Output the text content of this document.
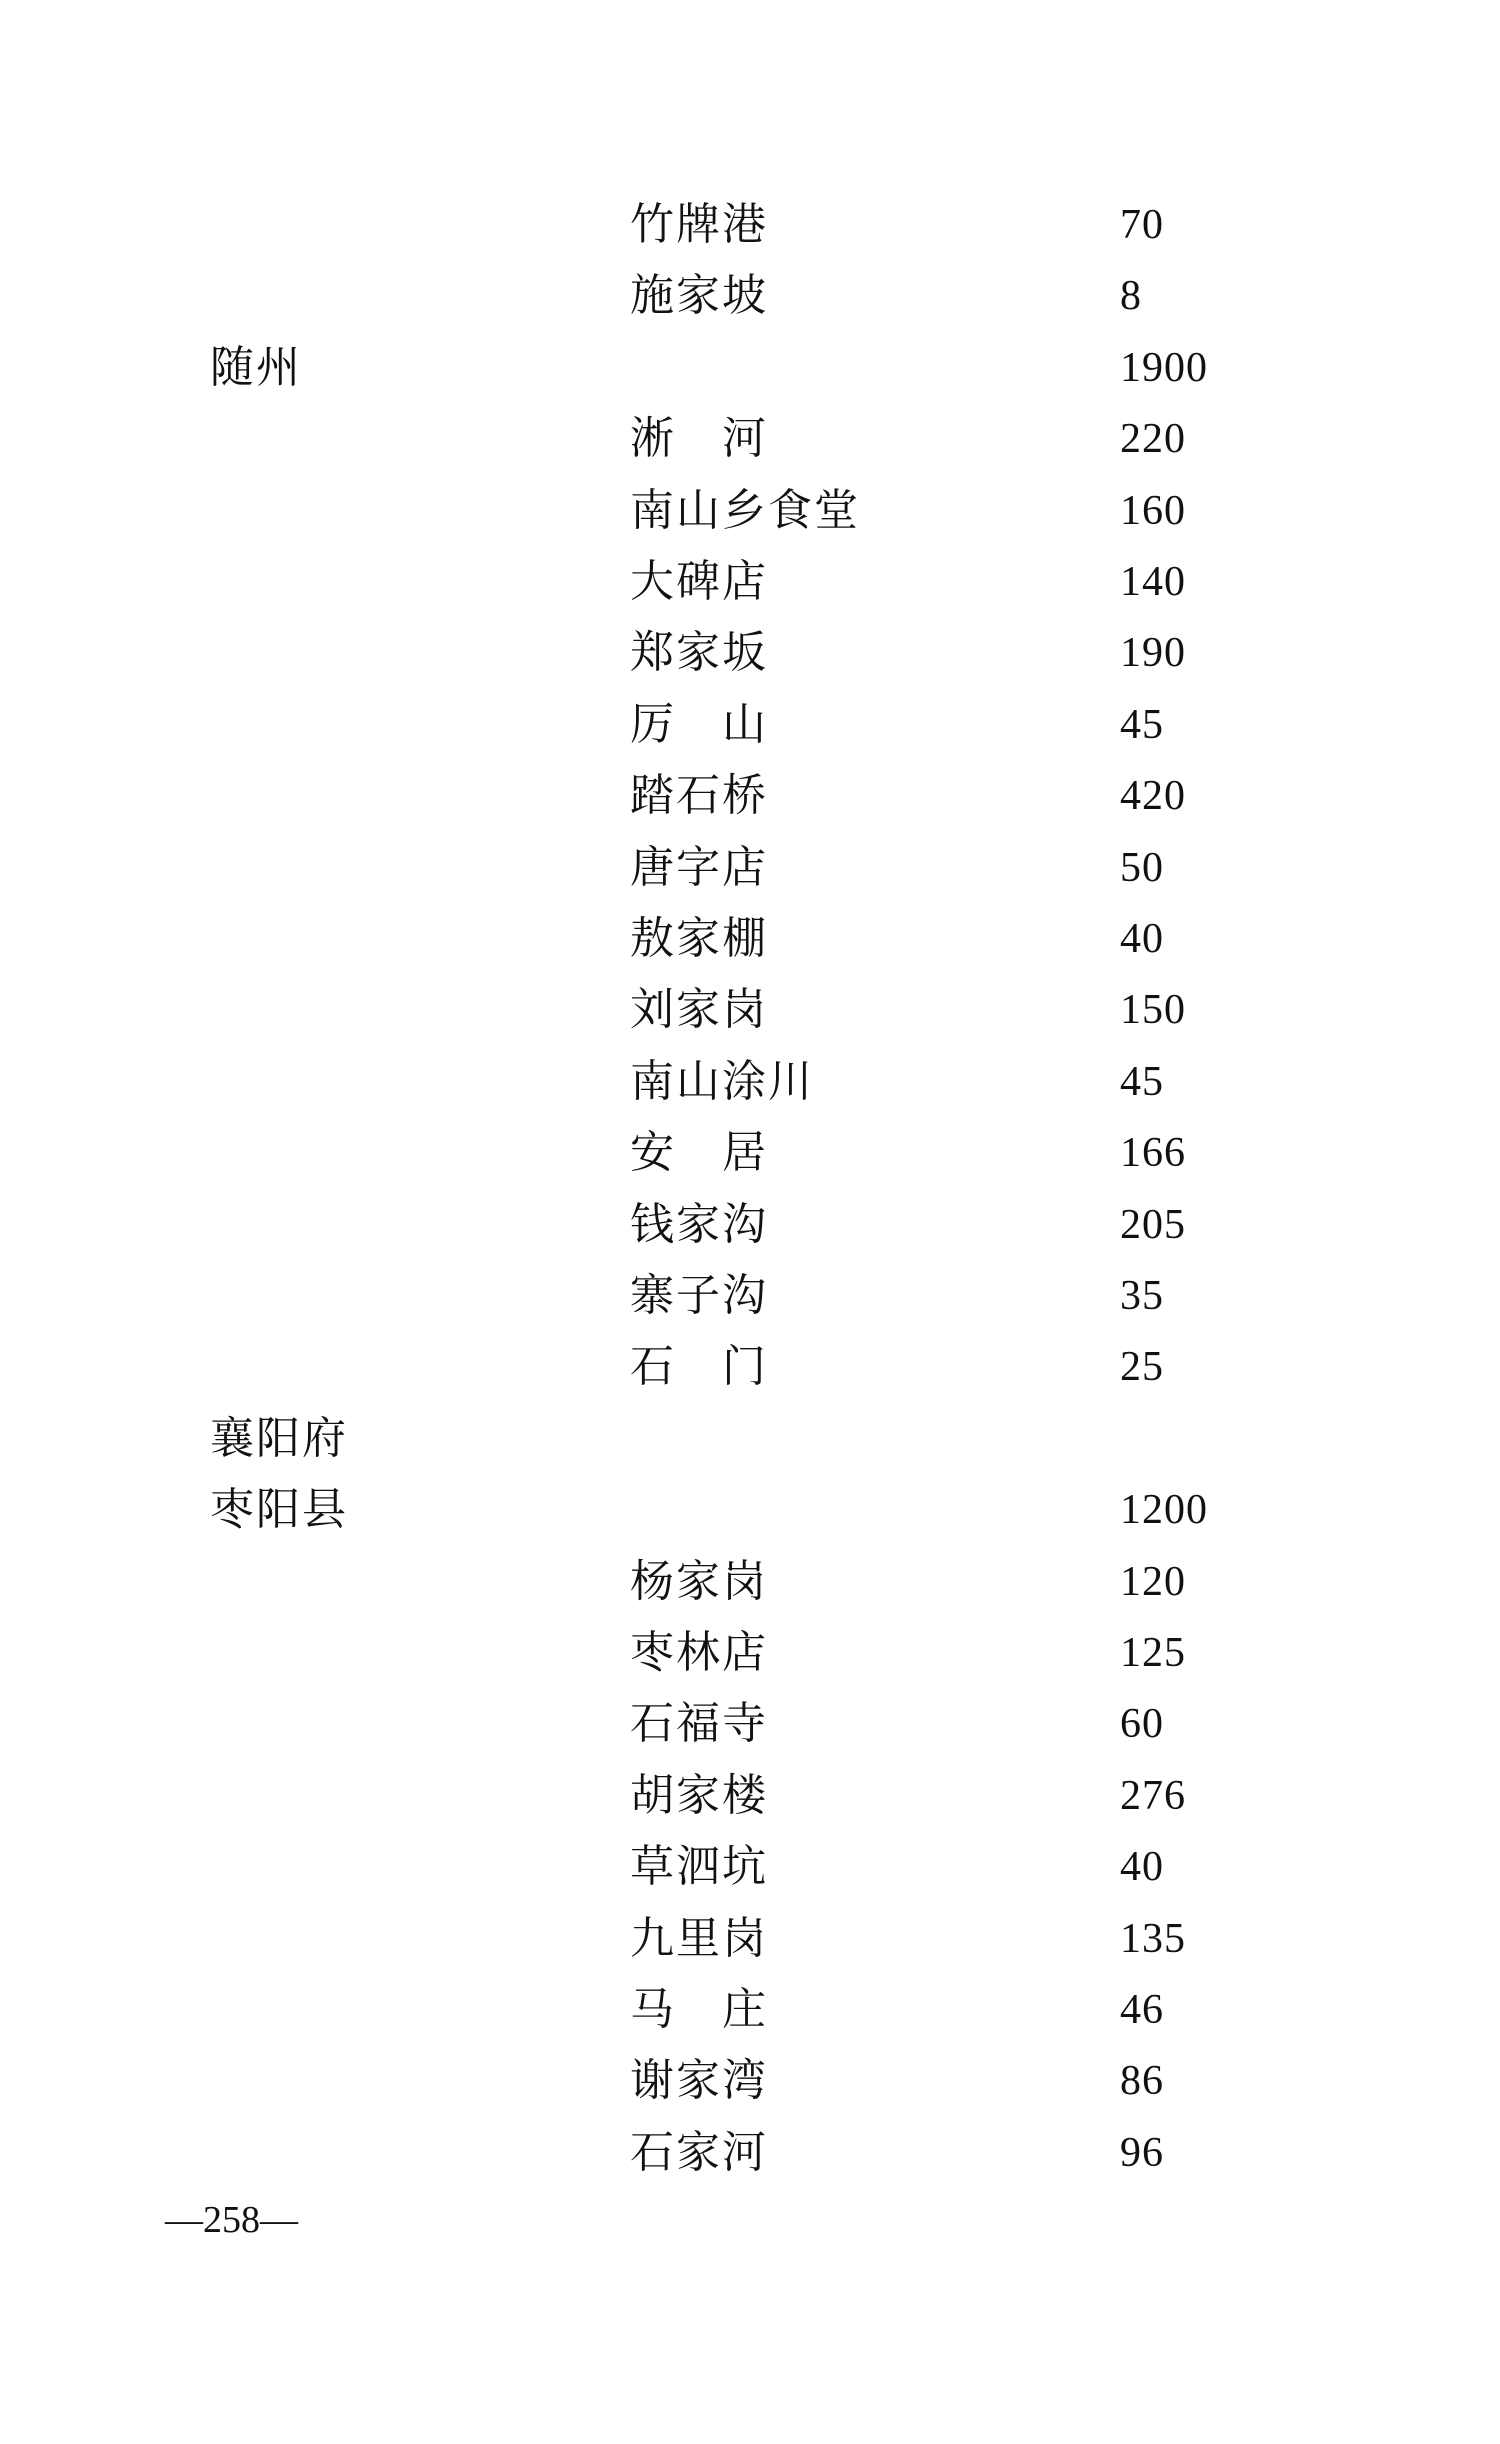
竹牌港	70
施家坡	8
随州	1900
淅　河	220
南山乡食堂	160
大碑店	140
郑家坂	190
厉　山	45
踏石桥	420
唐字店	50
敖家棚	40
刘家岗	150
南山涂川	45
安　居	166
钱家沟	205
寨子沟	35
石　门	25
襄阳府
枣阳县	1200
杨家岗	120
枣林店	125
石福寺	60
胡家楼	276
草泗坑	40
九里岗	135
马　庄	46
谢家湾	86
石家河	96
—258—
